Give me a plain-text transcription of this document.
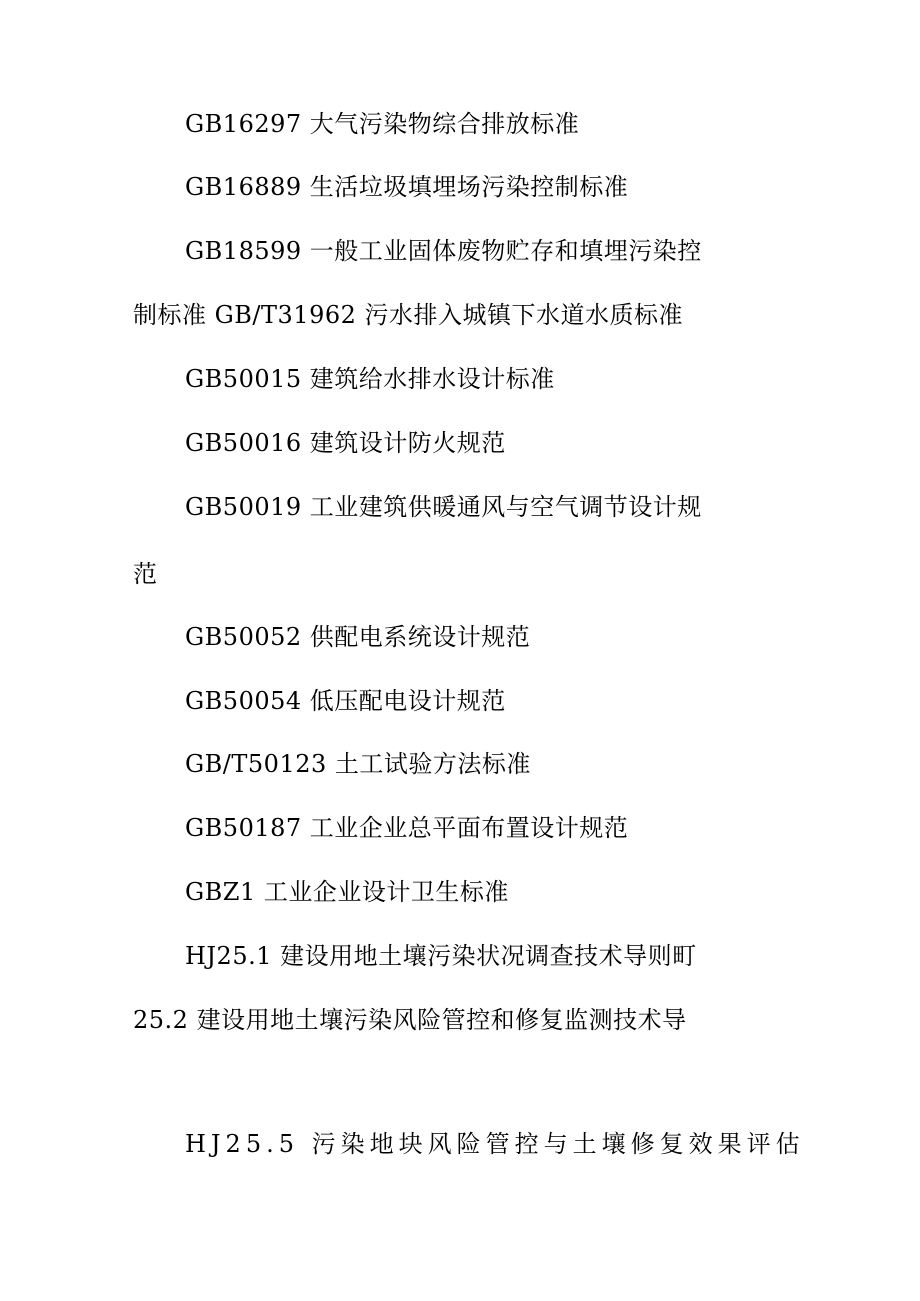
GB16297 大气污染物综合排放标准
GB16889 生活垃圾填埋场污染控制标准
GB18599 一般工业固体废物贮存和填埋污染控
制标准 GB/T31962 污水排入城镇下水道水质标准
GB50015 建筑给水排水设计标准
GB50016 建筑设计防火规范
GB50019 工业建筑供暖通风与空气调节设计规
范
GB50052 供配电系统设计规范
GB50054 低压配电设计规范
GB/T50123 土工试验方法标准
GB50187 工业企业总平面布置设计规范
GBZ1 工业企业设计卫生标准
HJ25.1 建设用地土壤污染状况调查技术导则町
25.2 建设用地土壤污染风险管控和修复监测技术导
HJ25.5 污染地块风险管控与土壤修复效果评估
